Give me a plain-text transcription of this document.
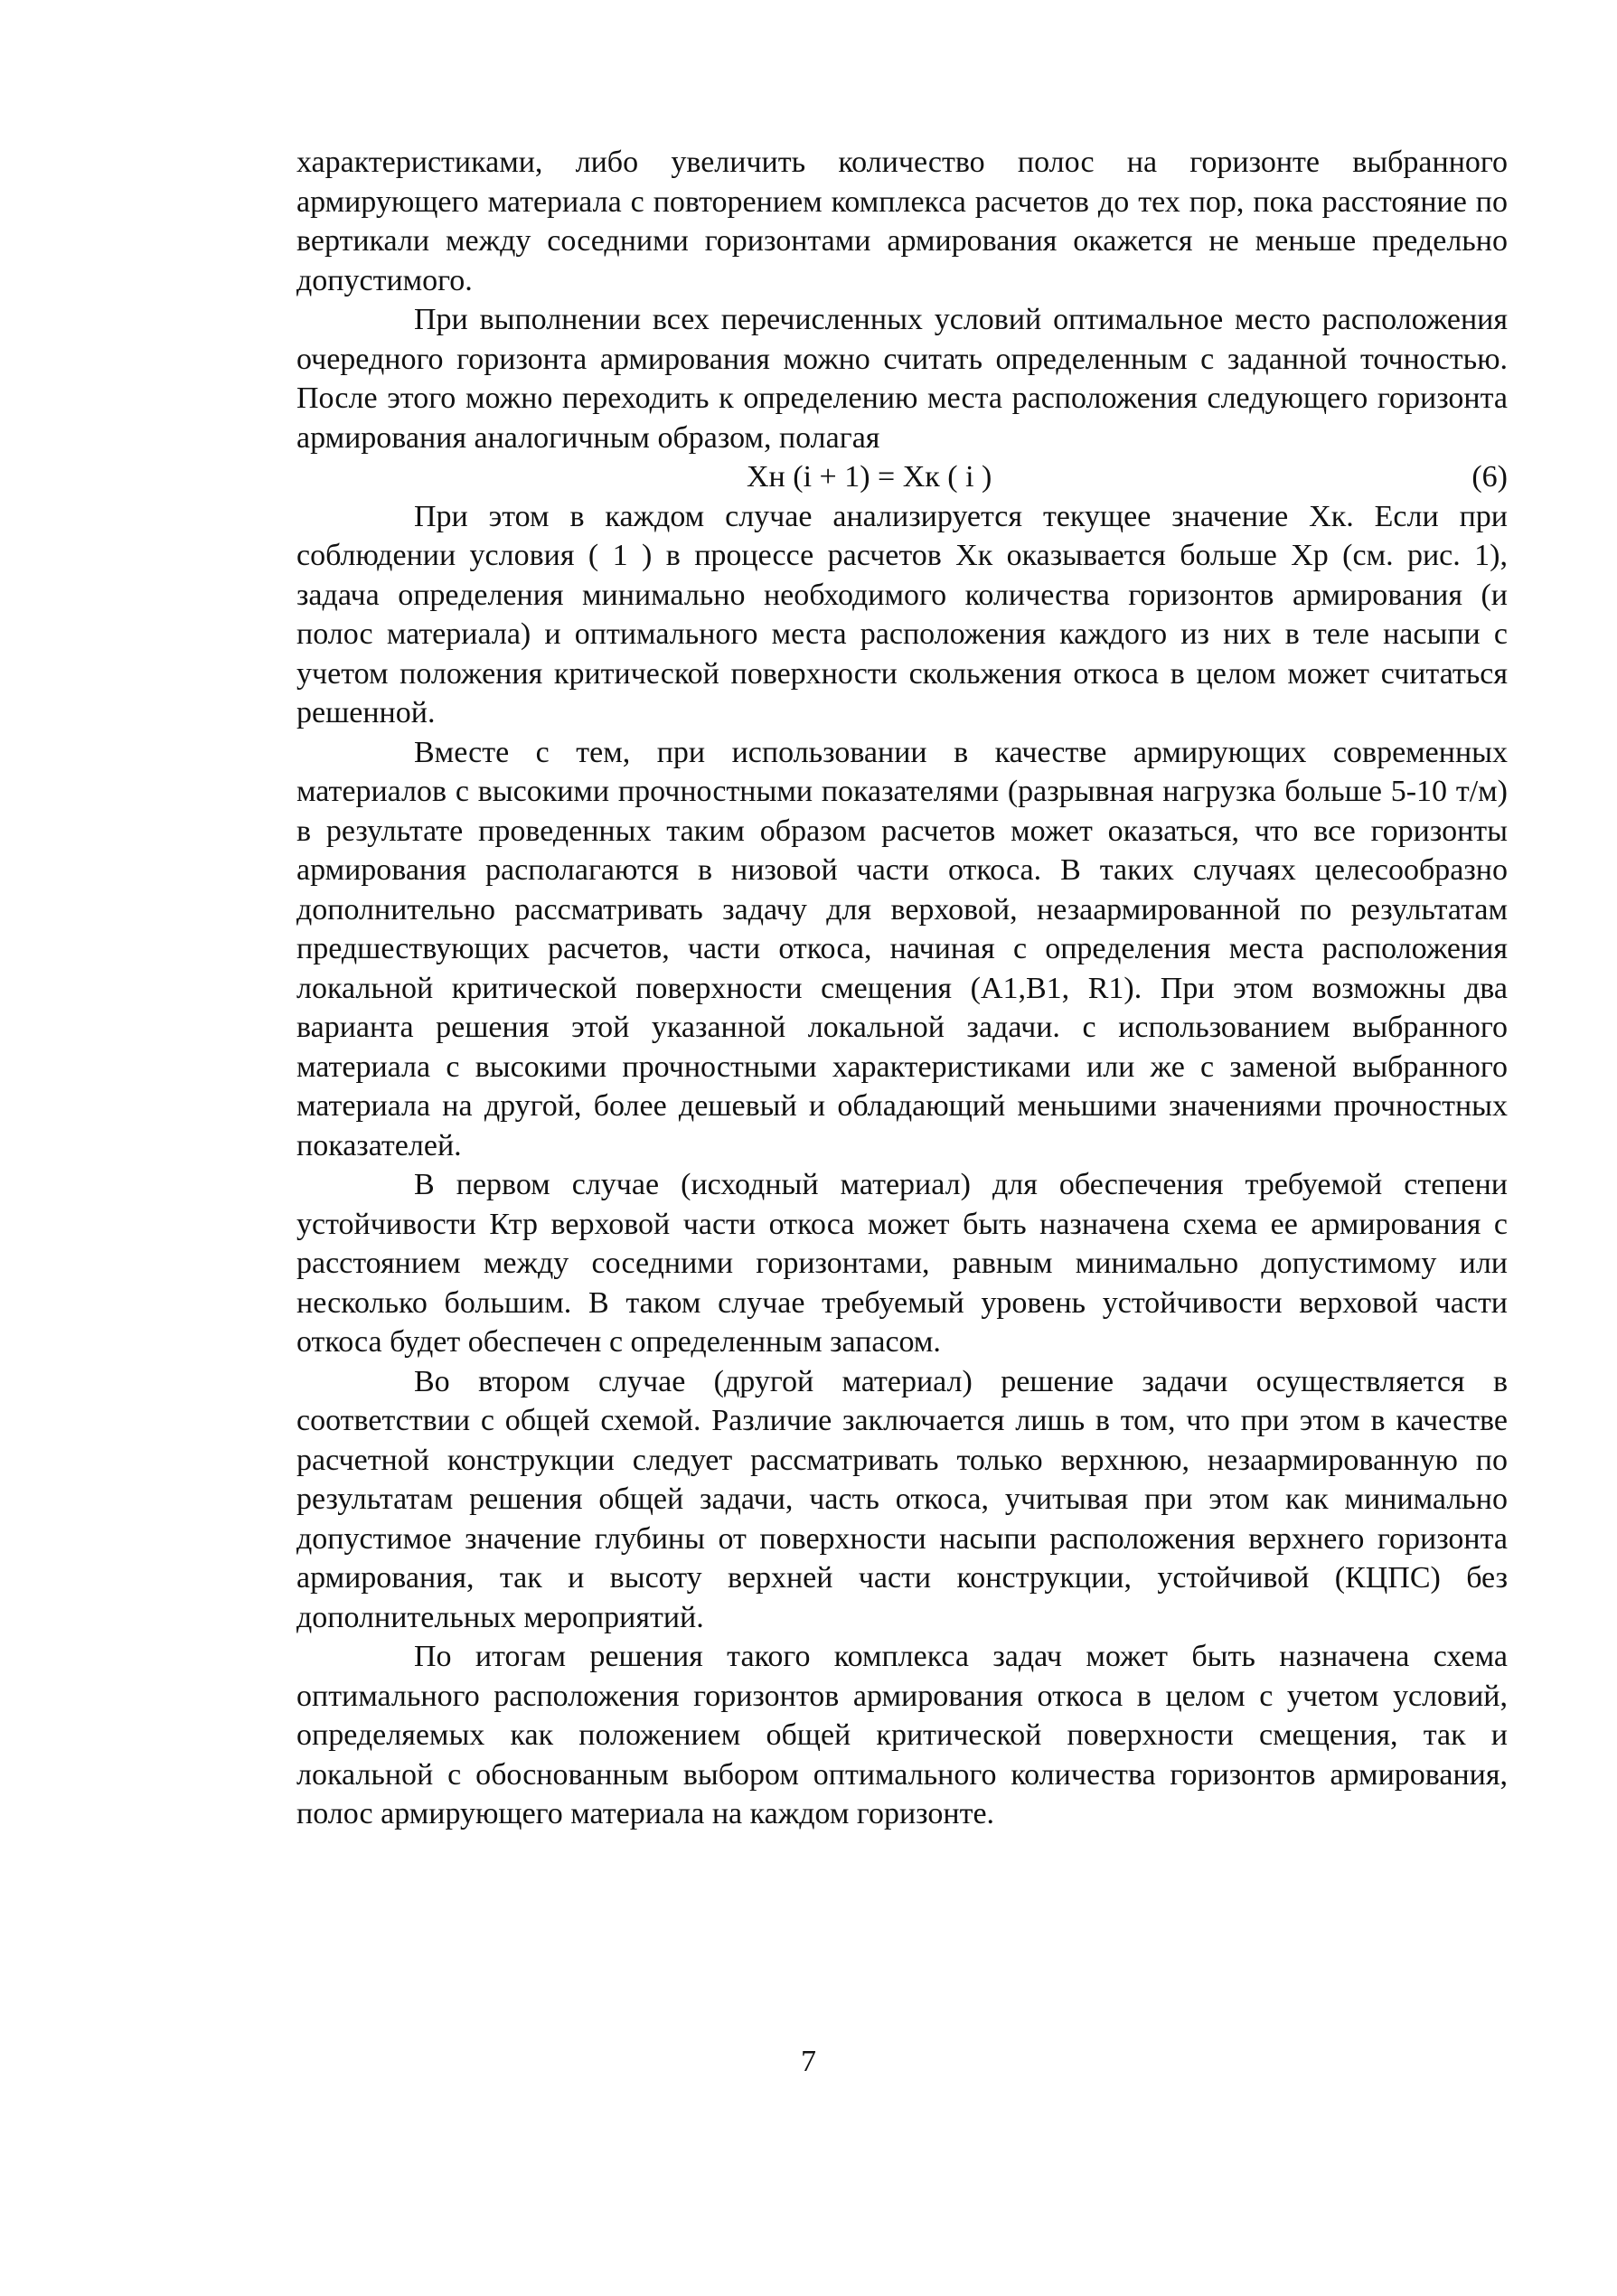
характеристиками, либо увеличить количество полос на горизонте выбранного армирующего материала с повторением комплекса расчетов до тех пор, пока расстояние по вертикали между соседними горизонтами армирования окажется не меньше предельно допустимого.

При выполнении всех перечисленных условий оптимальное место расположения очередного горизонта армирования можно считать определенным с заданной точностью. После этого можно переходить к определению места расположения следующего горизонта армирования аналогичным образом, полагая

Хн (i + 1) = Хк ( i )	(6)

При этом в каждом случае анализируется текущее значение Хк. Если при соблюдении условия ( 1 ) в процессе расчетов Хк оказывается больше Хр (см. рис. 1), задача определения минимально необходимого количества горизонтов армирования (и полос материала) и оптимального места расположения каждого из них в теле насыпи с учетом положения критической поверхности скольжения откоса в целом может считаться решенной.

Вместе с тем, при использовании в качестве армирующих современных материалов с высокими прочностными показателями (разрывная нагрузка больше 5-10 т/м) в результате проведенных таким образом расчетов может оказаться, что все горизонты армирования располагаются в низовой части откоса. В таких случаях целесообразно дополнительно рассматривать задачу для верховой, незаармированной по результатам предшествующих расчетов, части откоса, начиная с определения места расположения локальной критической поверхности смещения (А1,В1, R1). При этом возможны два варианта решения этой указанной локальной задачи. с использованием выбранного материала с высокими прочностными характеристиками или же с заменой выбранного материала на другой, более дешевый и обладающий меньшими значениями прочностных показателей.

В первом случае (исходный материал) для обеспечения требуемой степени устойчивости Ктр верховой части откоса может быть назначена схема ее армирования с расстоянием между соседними горизонтами, равным минимально допустимому или несколько большим. В таком случае требуемый уровень устойчивости верховой части откоса будет обеспечен с определенным запасом.

Во втором случае (другой материал) решение задачи осуществляется в соответствии с общей схемой. Различие заключается лишь в том, что при этом в качестве расчетной конструкции следует рассматривать только верхнюю, незаармированную по результатам решения общей задачи, часть откоса, учитывая при этом как минимально допустимое значение глубины от поверхности насыпи расположения верхнего горизонта армирования, так и высоту верхней части конструкции, устойчивой (КЦПС) без дополнительных мероприятий.

По итогам решения такого комплекса задач может быть назначена схема оптимального расположения горизонтов армирования откоса в целом с учетом условий, определяемых как положением общей критической поверхности смещения, так и локальной с обоснованным выбором оптимального количества горизонтов армирования, полос армирующего материала на каждом горизонте.

7
